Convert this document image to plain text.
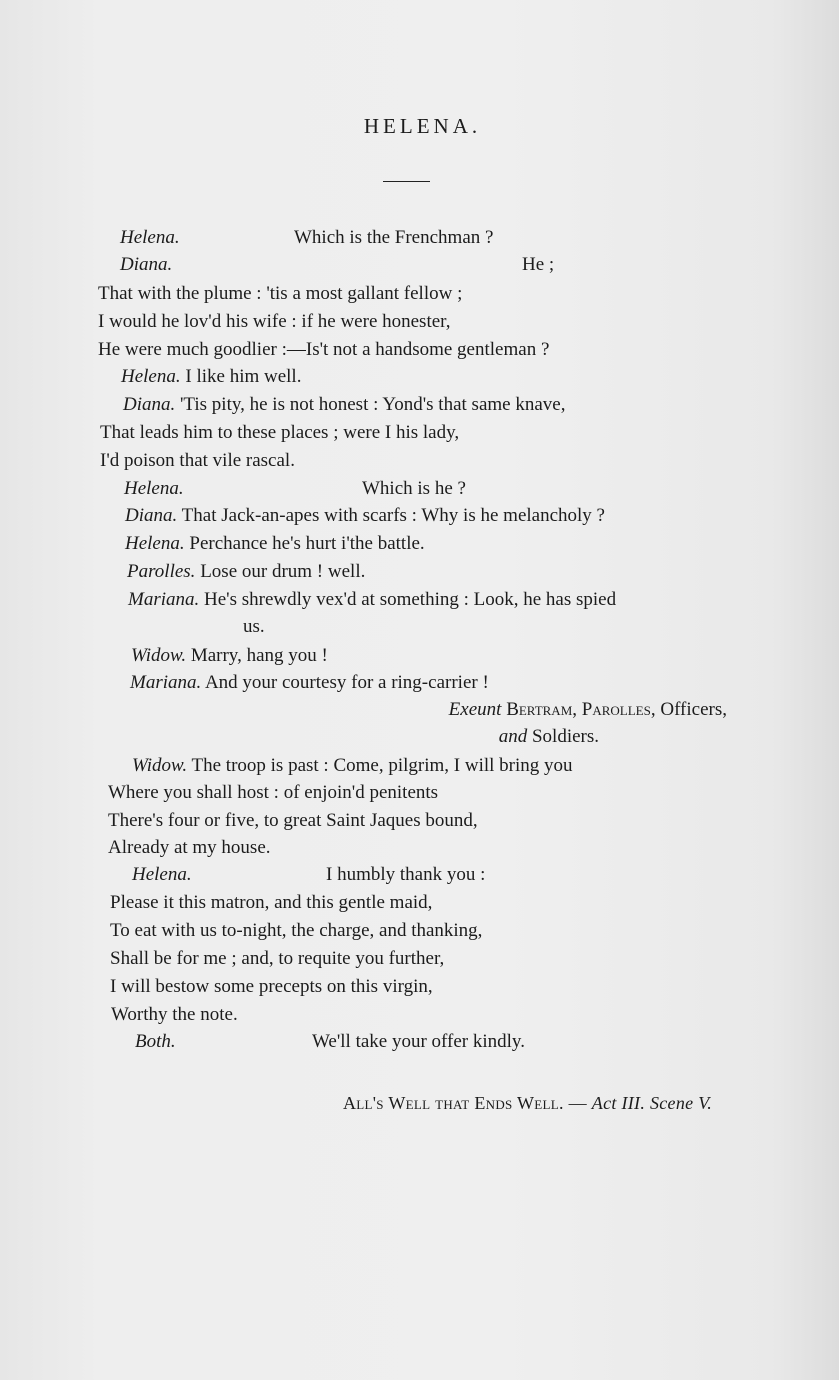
HELENA.
Helena.	Which is the Frenchman ?
Diana.	He ;
That with the plume : 'tis a most gallant fellow ;
I would he lov'd his wife : if he were honester,
He were much goodlier :—Is't not a handsome gentleman ?
Helena. I like him well.
Diana. 'Tis pity, he is not honest : Yond's that same knave,
That leads him to these places ; were I his lady,
I'd poison that vile rascal.
Helena.	Which is he ?
Diana. That Jack-an-apes with scarfs : Why is he melancholy ?
Helena. Perchance he's hurt i'the battle.
Parolles. Lose our drum ! well.
Mariana. He's shrewdly vex'd at something : Look, he has spied
us.
Widow. Marry, hang you !
Mariana. And your courtesy for a ring-carrier !
Exeunt Bertram, Parolles, Officers,
and Soldiers.
Widow. The troop is past : Come, pilgrim, I will bring you
Where you shall host : of enjoin'd penitents
There's four or five, to great Saint Jaques bound,
Already at my house.
Helena.	I humbly thank you :
Please it this matron, and this gentle maid,
To eat with us to-night, the charge, and thanking,
Shall be for me ; and, to requite you further,
I will bestow some precepts on this virgin,
Worthy the note.
Both.	We'll take your offer kindly.
All's Well that Ends Well. — Act III. Scene V.
